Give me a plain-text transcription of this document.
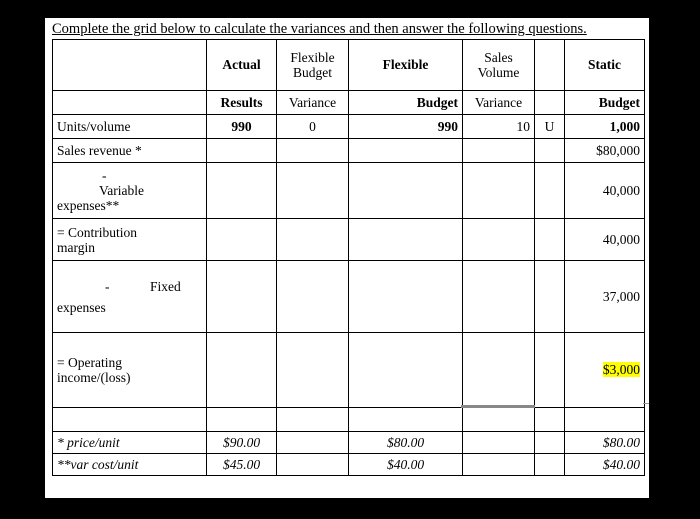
Complete the grid below to calculate the variances and then answer the following questions.
	Actual	Flexible Budget	Flexible	Sales Volume		Static
	Results	Variance	Budget	Variance		Budget
Units/volume	990	0	990	10	U	1,000
Sales revenue *						$80,000

-
Variable
expenses**						40,000

= Contribution
margin						40,000

- Fixed
expenses						37,000

= Operating
income/(loss)						$3,000

* price/unit	$90.00		$80.00			$80.00
**var cost/unit	$45.00		$40.00			$40.00
